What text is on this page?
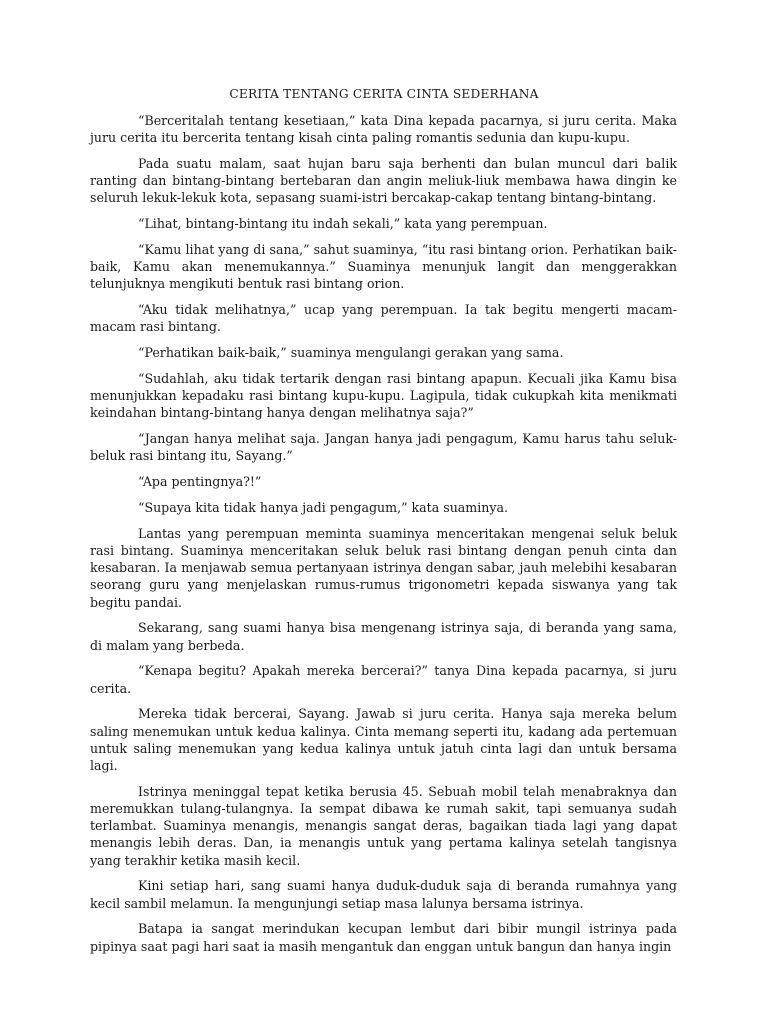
CERITA TENTANG CERITA CINTA SEDERHANA

“Berceritalah tentang kesetiaan,” kata Dina kepada pacarnya, si juru cerita. Maka juru cerita itu bercerita tentang kisah cinta paling romantis sedunia dan kupu-kupu.

Pada suatu malam, saat hujan baru saja berhenti dan bulan muncul dari balik ranting dan bintang-bintang bertebaran dan angin meliuk-liuk membawa hawa dingin ke seluruh lekuk-lekuk kota, sepasang suami-istri bercakap-cakap tentang bintang-bintang.

“Lihat, bintang-bintang itu indah sekali,” kata yang perempuan.

“Kamu lihat yang di sana,” sahut suaminya, “itu rasi bintang orion. Perhatikan baik-baik, Kamu akan menemukannya.” Suaminya menunjuk langit dan menggerakkan telunjuknya mengikuti bentuk rasi bintang orion.

“Aku tidak melihatnya,” ucap yang perempuan. Ia tak begitu mengerti macam-macam rasi bintang.

“Perhatikan baik-baik,” suaminya mengulangi gerakan yang sama.

“Sudahlah, aku tidak tertarik dengan rasi bintang apapun. Kecuali jika Kamu bisa menunjukkan kepadaku rasi bintang kupu-kupu. Lagipula, tidak cukupkah kita menikmati keindahan bintang-bintang hanya dengan melihatnya saja?”

“Jangan hanya melihat saja. Jangan hanya jadi pengagum, Kamu harus tahu seluk-beluk rasi bintang itu, Sayang.”

“Apa pentingnya?!”

“Supaya kita tidak hanya jadi pengagum,” kata suaminya.

Lantas yang perempuan meminta suaminya menceritakan mengenai seluk beluk rasi bintang. Suaminya menceritakan seluk beluk rasi bintang dengan penuh cinta dan kesabaran. Ia menjawab semua pertanyaan istrinya dengan sabar, jauh melebihi kesabaran seorang guru yang menjelaskan rumus-rumus trigonometri kepada siswanya yang tak begitu pandai.

Sekarang, sang suami hanya bisa mengenang istrinya saja, di beranda yang sama, di malam yang berbeda.

“Kenapa begitu? Apakah mereka bercerai?” tanya Dina kepada pacarnya, si juru cerita.

Mereka tidak bercerai, Sayang. Jawab si juru cerita. Hanya saja mereka belum saling menemukan untuk kedua kalinya. Cinta memang seperti itu, kadang ada pertemuan untuk saling menemukan yang kedua kalinya untuk jatuh cinta lagi dan untuk bersama lagi.

Istrinya meninggal tepat ketika berusia 45. Sebuah mobil telah menabraknya dan meremukkan tulang-tulangnya. Ia sempat dibawa ke rumah sakit, tapi semuanya sudah terlambat. Suaminya menangis, menangis sangat deras, bagaikan tiada lagi yang dapat menangis lebih deras. Dan, ia menangis untuk yang pertama kalinya setelah tangisnya yang terakhir ketika masih kecil.

Kini setiap hari, sang suami hanya duduk-duduk saja di beranda rumahnya yang kecil sambil melamun. Ia mengunjungi setiap masa lalunya bersama istrinya.

Batapa ia sangat merindukan kecupan lembut dari bibir mungil istrinya pada pipinya saat pagi hari saat ia masih mengantuk dan enggan untuk bangun dan hanya ingin
